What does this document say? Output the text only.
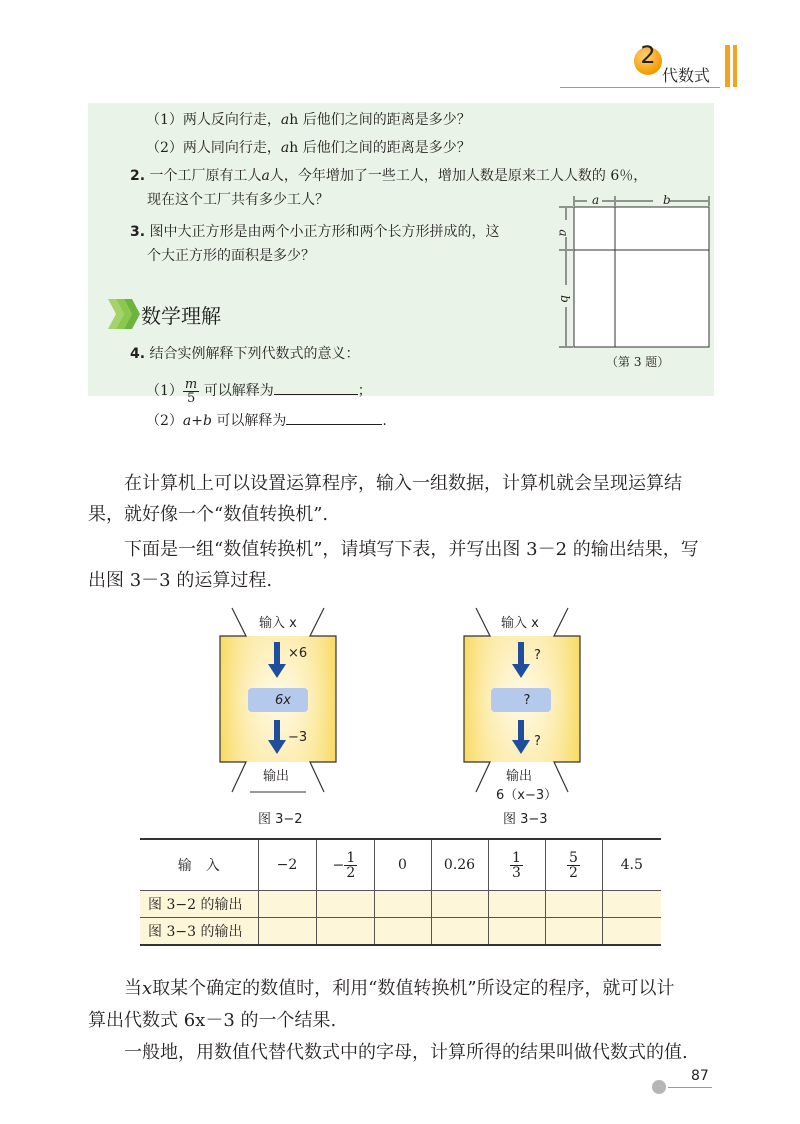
2
代数式
（1）两人反向行走，ah 后他们之间的距离是多少？
（2）两人同向行走，ah 后他们之间的距离是多少？
2. 一个工厂原有工人a人，今年增加了一些工人，增加人数是原来工人人数的 6％，
现在这个工厂共有多少工人？
3. 图中大正方形是由两个小正方形和两个长方形拼成的，这
个大正方形的面积是多少？
a	b
a
b
（第 3 题）
数学理解
4. 结合实例解释下列代数式的意义：
$(1) \frac{m}{5}$ 可以解释为	；
（2）a+b 可以解释为	.
在计算机上可以设置运算程序，输入一组数据，计算机就会呈现运算结
果，就好像一个“数值转换机”.
下面是一组“数值转换机”，请填写下表，并写出图 3－2 的输出结果，写
出图 3－3 的运算过程.
输入 x
×6
6x
−3
输出
图 3−2
输入 x
?
?
?
输出
6（x−3）
图 3−3
输　入	−2	− $\frac{1}{2}$	0	0.26	$\frac{1}{3}$	$\frac{5}{2}$	4.5
图 3−2 的输出							
图 3−3 的输出							
当x取某个确定的数值时，利用“数值转换机”所设定的程序，就可以计
算出代数式 6x－3 的一个结果.
一般地，用数值代替代数式中的字母，计算所得的结果叫做代数式的值.
87
